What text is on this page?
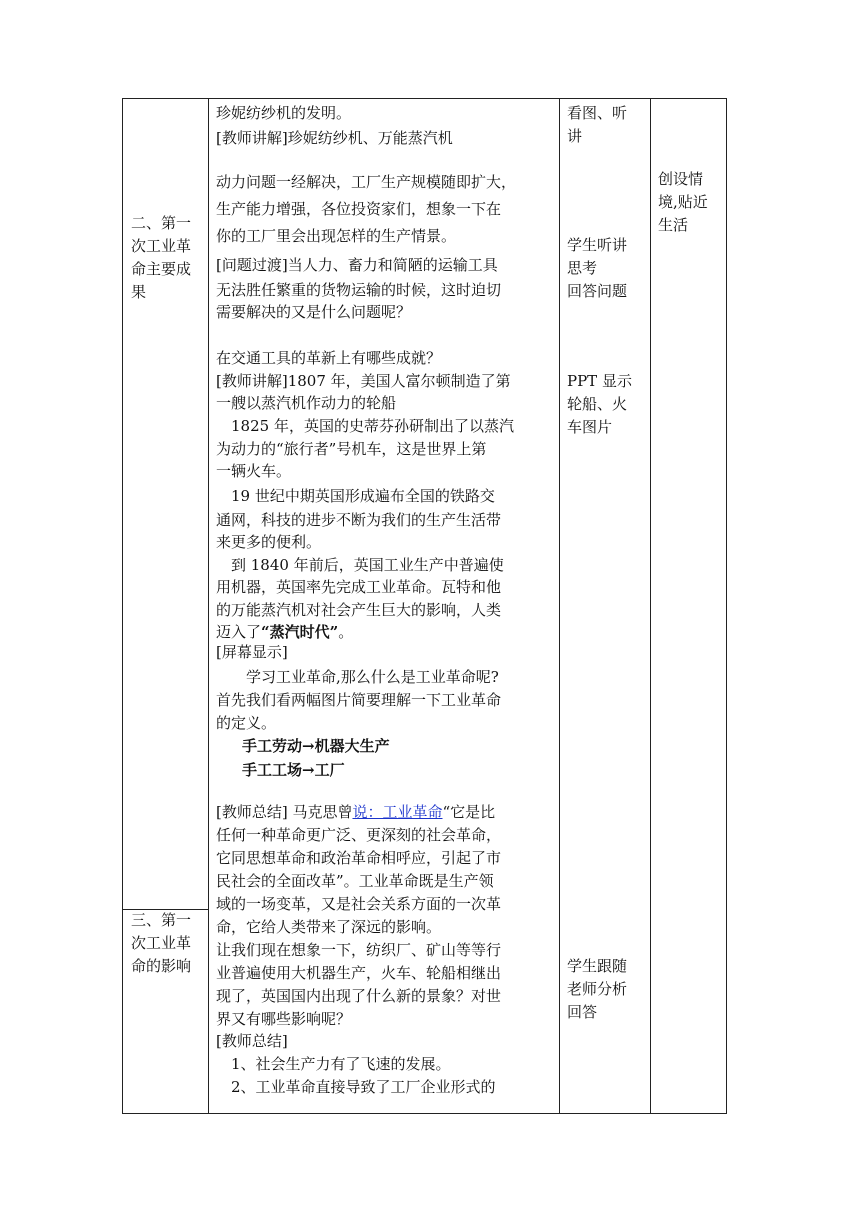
二、第一
次工业革
命主要成
果
三、第一
次工业革
命的影响
珍妮纺纱机的发明。
[教师讲解]珍妮纺纱机、万能蒸汽机
动力问题一经解决，工厂生产规模随即扩大，
生产能力增强，各位投资家们，想象一下在
你的工厂里会出现怎样的生产情景。
[问题过渡]当人力、畜力和简陋的运输工具
无法胜任繁重的货物运输的时候，这时迫切
需要解决的又是什么问题呢？
在交通工具的革新上有哪些成就？
[教师讲解]1807 年，美国人富尔顿制造了第
一艘以蒸汽机作动力的轮船
　1825 年，英国的史蒂芬孙研制出了以蒸汽
为动力的“旅行者”号机车，这是世界上第
一辆火车。
　19 世纪中期英国形成遍布全国的铁路交
通网，科技的进步不断为我们的生产生活带
来更多的便利。
　到 1840 年前后，英国工业生产中普遍使
用机器，英国率先完成工业革命。瓦特和他
的万能蒸汽机对社会产生巨大的影响，人类
迈入了“蒸汽时代”。
[屏幕显示]
　　学习工业革命,那么什么是工业革命呢?
首先我们看两幅图片简要理解一下工业革命
的定义。
手工劳动→机器大生产
手工工场→工厂
[教师总结] 马克思曾说：工业革命“它是比
任何一种革命更广泛、更深刻的社会革命，
它同思想革命和政治革命相呼应，引起了市
民社会的全面改革”。工业革命既是生产领
域的一场变革，又是社会关系方面的一次革
命，它给人类带来了深远的影响。
让我们现在想象一下，纺织厂、矿山等等行
业普遍使用大机器生产，火车、轮船相继出
现了，英国国内出现了什么新的景象？对世
界又有哪些影响呢？
[教师总结]
　1、社会生产力有了飞速的发展。
　2、工业革命直接导致了工厂企业形式的
看图、听
讲
学生听讲
思考
回答问题
PPT 显示
轮船、火
车图片
学生跟随
老师分析
回答
创设情
境,贴近
生活
